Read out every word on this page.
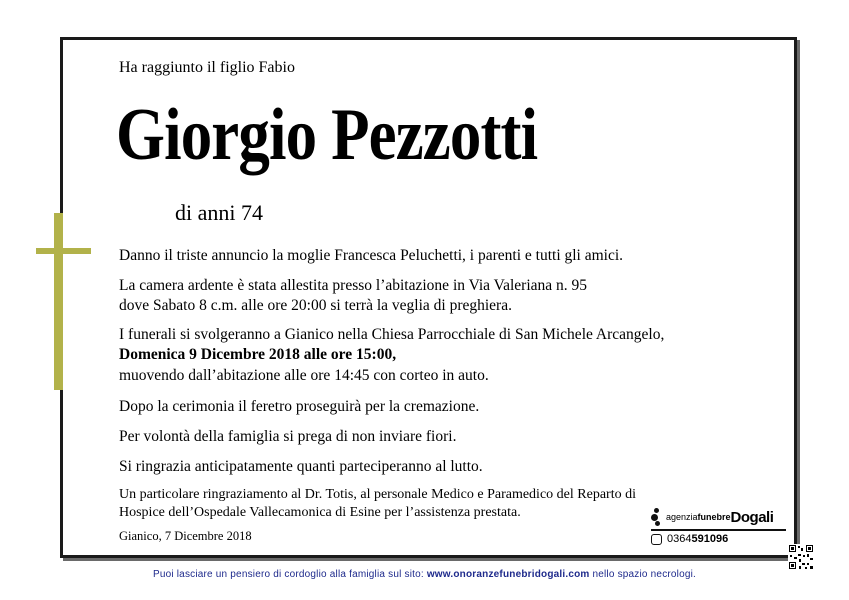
Ha raggiunto il figlio Fabio
Giorgio Pezzotti
di anni 74
Danno il triste annuncio la moglie Francesca Peluchetti, i parenti e tutti gli amici.
La camera ardente è stata allestita presso l’abitazione in Via Valeriana n. 95
dove Sabato 8 c.m. alle ore 20:00 si terrà la veglia di preghiera.
I funerali si svolgeranno a Gianico nella Chiesa Parrocchiale di San Michele Arcangelo,
Domenica 9 Dicembre 2018 alle ore 15:00,
muovendo dall’abitazione alle ore 14:45 con corteo in auto.
Dopo la cerimonia il feretro proseguirà per la cremazione.
Per volontà della famiglia si prega di non inviare fiori.
Si ringrazia anticipatamente quanti parteciperanno al lutto.
Un particolare ringraziamento al Dr. Totis, al personale Medico e Paramedico del Reparto di
Hospice dell’Ospedale Vallecamonica di Esine per l’assistenza prestata.
Gianico, 7 Dicembre 2018
agenzia funebre Dogali
0364 591096
Puoi lasciare un pensiero di cordoglio alla famiglia sul sito: www.onoranzefunebridogali.com nello spazio necrologi.
